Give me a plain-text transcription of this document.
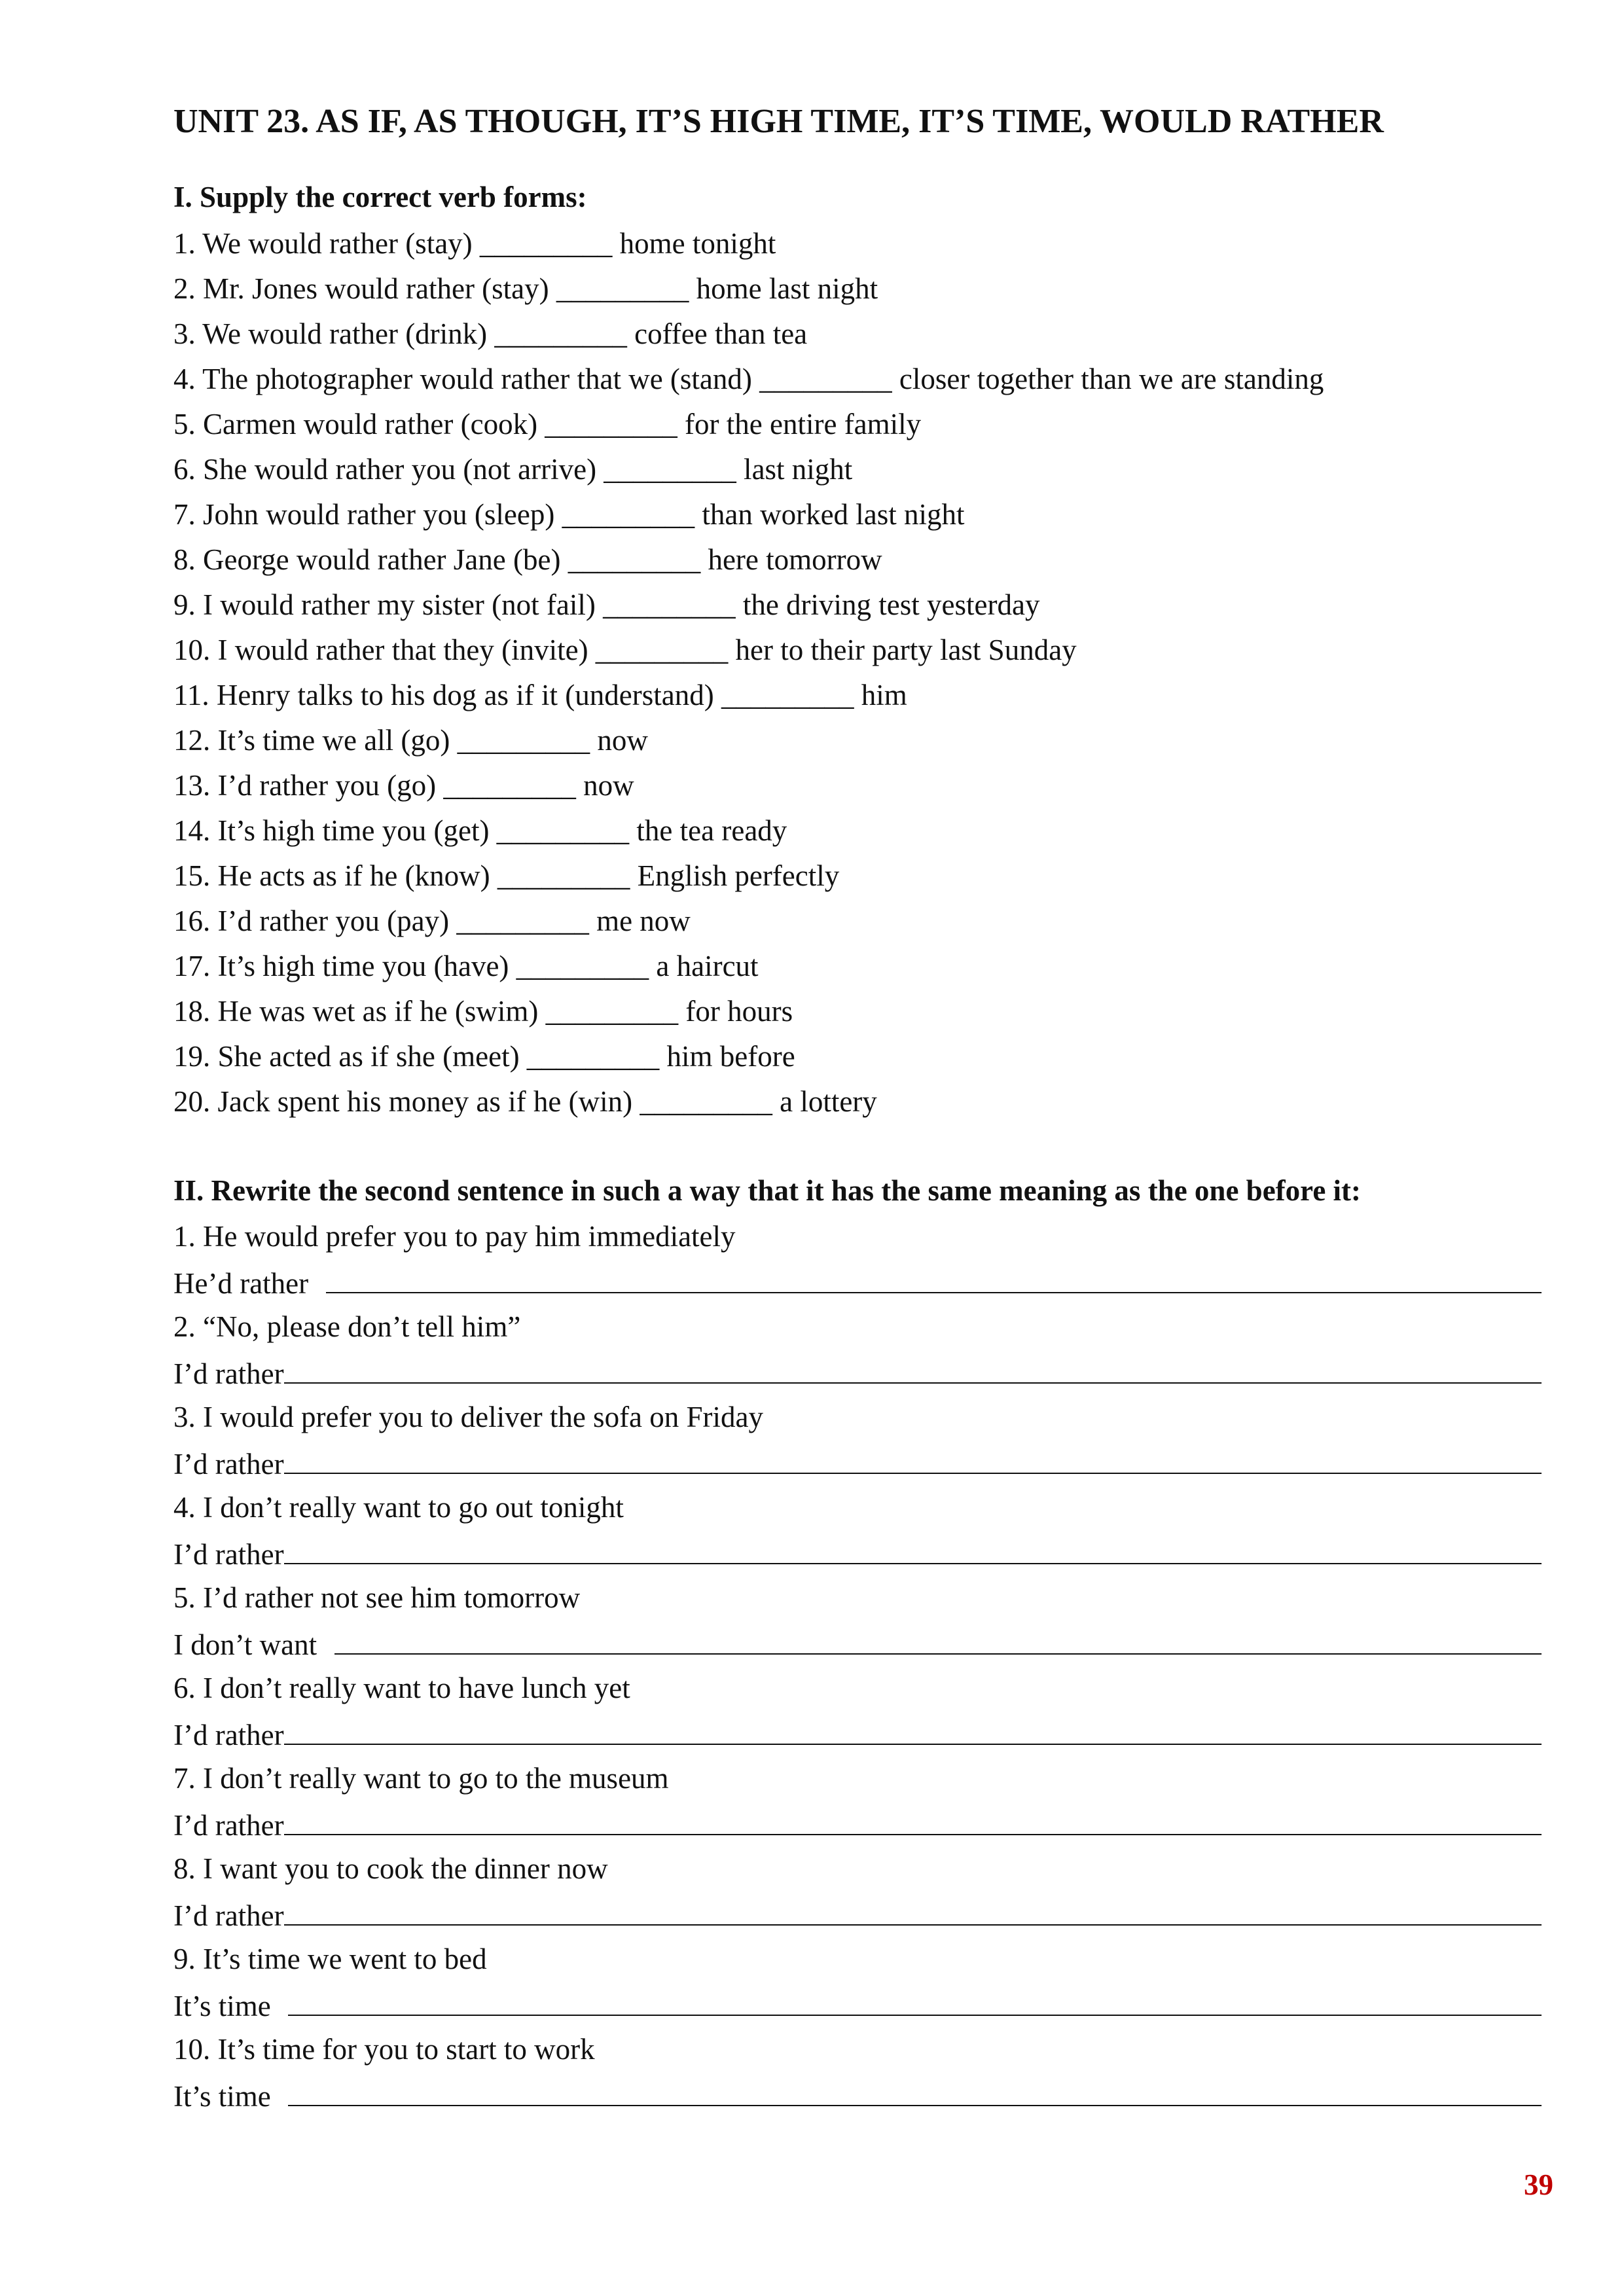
UNIT 23. AS IF, AS THOUGH, IT’S HIGH TIME, IT’S TIME, WOULD RATHER
I. Supply the correct verb forms:
1. We would rather (stay) _________ home tonight
2. Mr. Jones would rather (stay) _________ home last night
3. We would rather (drink) _________ coffee than tea
4. The photographer would rather that we (stand) _________ closer together than we are standing
5. Carmen would rather (cook) _________ for the entire family
6. She would rather you (not arrive) _________ last night
7. John would rather you (sleep) _________ than worked last night
8. George would rather Jane (be) _________ here tomorrow
9. I would rather my sister (not fail) _________ the driving test yesterday
10. I would rather that they (invite) _________ her to their party last Sunday
11. Henry talks to his dog as if it (understand) _________ him
12. It’s time we all (go) _________ now
13. I’d rather you (go) _________ now
14. It’s high time you (get) _________ the tea ready
15. He acts as if he (know) _________ English perfectly
16. I’d rather you (pay) _________ me now
17. It’s high time you (have) _________ a haircut
18. He was wet as if he (swim) _________ for hours
19. She acted as if she (meet) _________ him before
20. Jack spent his money as if he (win) _________ a lottery
II. Rewrite the second sentence in such a way that it has the same meaning as the one before it:
1. He would prefer you to pay him immediately
He’d rather
2. “No, please don’t tell him”
I’d rather
3. I would prefer you to deliver the sofa on Friday
I’d rather
4. I don’t really want to go out tonight
I’d rather
5. I’d rather not see him tomorrow
I don’t want
6. I don’t really want to have lunch yet
I’d rather
7. I don’t really want to go to the museum
I’d rather
8. I want you to cook the dinner now
I’d rather
9. It’s time we went to bed
It’s time
10. It’s time for you to start to work
It’s time
39
